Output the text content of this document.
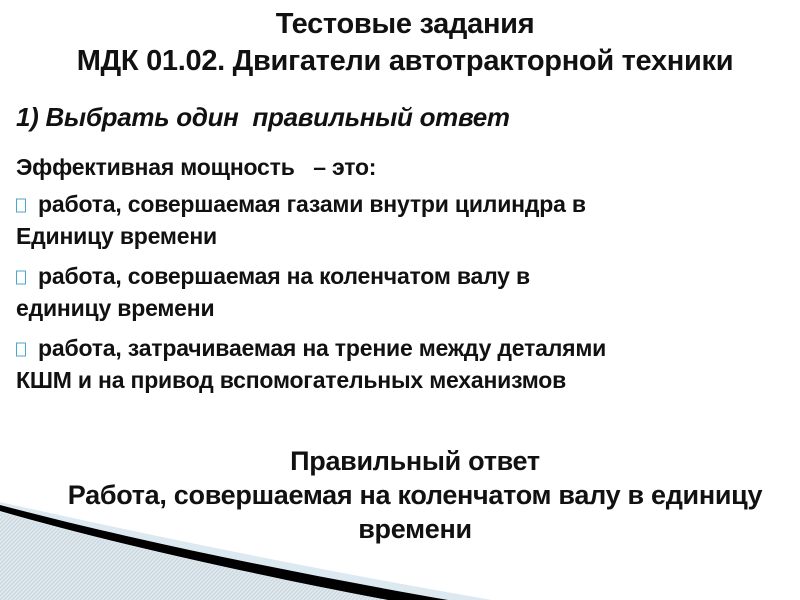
Тестовые задания
МДК 01.02. Двигатели автотракторной техники
1) Выбрать один  правильный ответ
Эффективная мощность   – это:

работа, совершаемая газами внутри цилиндра в
Единицу времени

работа, совершаемая на коленчатом валу в
единицу времени

работа, затрачиваемая на трение между деталями
КШМ и на привод вспомогательных механизмов

Правильный ответ
Работа, совершаемая на коленчатом валу в единицу
времени
